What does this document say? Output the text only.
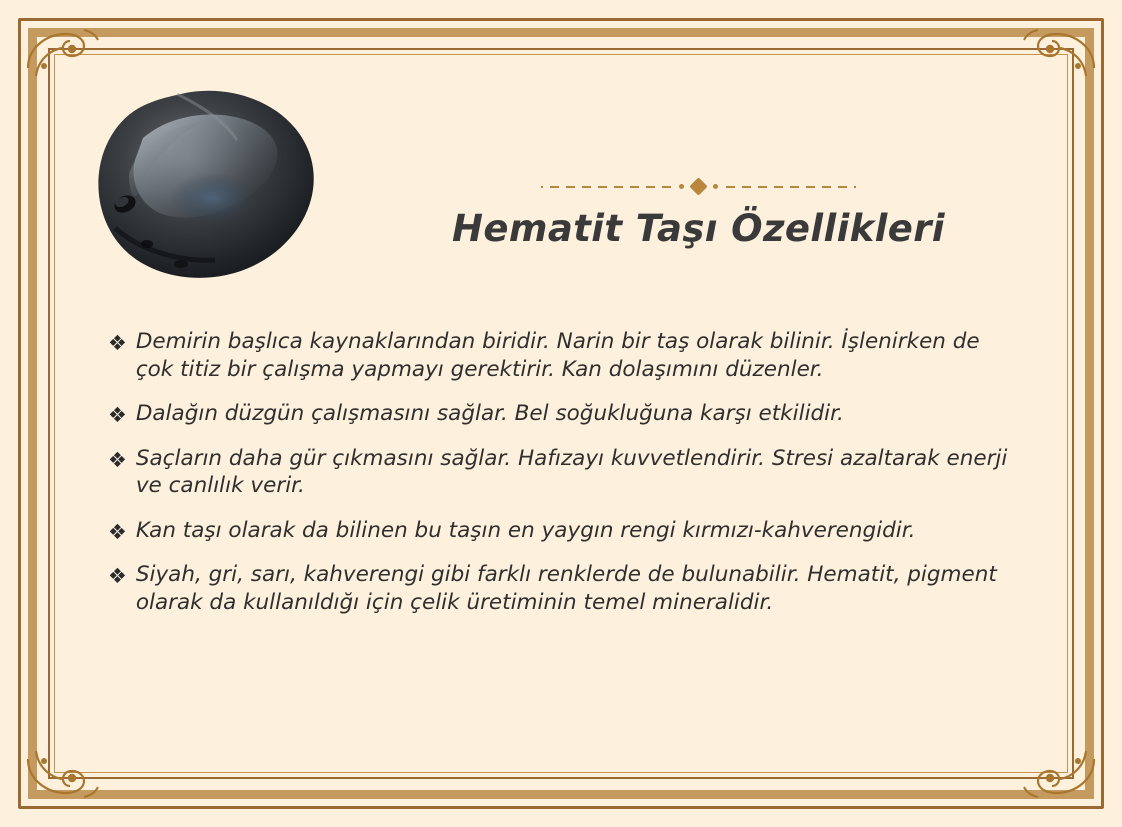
Hematit Taşı Özellikleri
❖ Demirin başlıca kaynaklarından biridir. Narin bir taş olarak bilinir. İşlenirken de çok titiz bir çalışma yapmayı gerektirir. Kan dolaşımını düzenler.
❖ Dalağın düzgün çalışmasını sağlar. Bel soğukluğuna karşı etkilidir.
❖ Saçların daha gür çıkmasını sağlar. Hafızayı kuvvetlendirir. Stresi azaltarak enerji ve canlılık verir.
❖ Kan taşı olarak da bilinen bu taşın en yaygın rengi kırmızı-kahverengidir.
❖ Siyah, gri, sarı, kahverengi gibi farklı renklerde de bulunabilir. Hematit, pigment olarak da kullanıldığı için çelik üretiminin temel mineralidir.
